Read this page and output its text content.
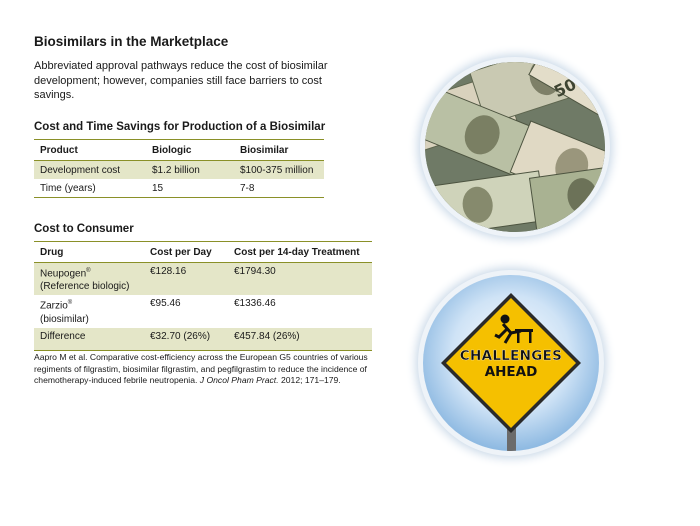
Biosimilars in the Marketplace
Abbreviated approval pathways reduce the cost of biosimilar development; however, companies still face barriers to cost savings.
Cost and Time Savings for Production of a Biosimilar
Product	Biologic	Biosimilar
Development cost	$1.2 billion	$100-375 million
Time (years)	15	7-8
Cost to Consumer
Drug	Cost per Day	Cost per 14-day Treatment
Neupogen®
(Reference biologic)	€128.16	€1794.30
Zarzio®
(biosimilar)	€95.46	€1336.46
Difference	€32.70 (26%)	€457.84 (26%)
Aapro M et al. Comparative cost-efficiency across the European G5 countries of various regiments of filgrastim, biosimilar filgrastim, and pegfilgrastim to reduce the incidence of chemotherapy-induced febrile neutropenia. J Oncol Pham Pract. 2012; 171–179.
50
CHALLENGES
AHEAD
